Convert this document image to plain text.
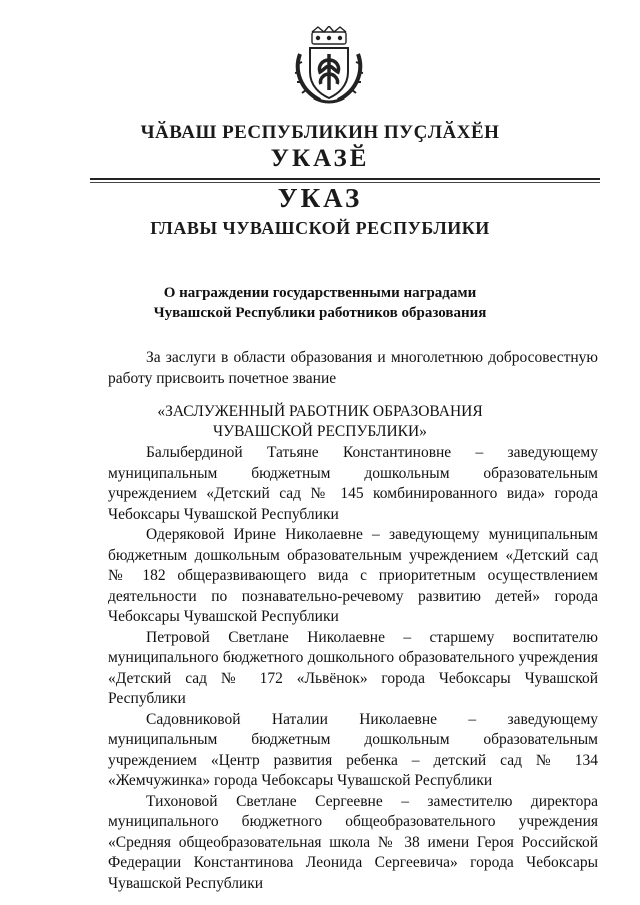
ЧӐВАШ РЕСПУБЛИКИН ПУҪЛӐХӖН
УКАЗӖ
УКАЗ
ГЛАВЫ ЧУВАШСКОЙ РЕСПУБЛИКИ
О награждении государственными наградами
Чувашской Республики работников образования

За заслуги в области образования и многолетнюю добросовестную работу присвоить почетное звание

«ЗАСЛУЖЕННЫЙ РАБОТНИК ОБРАЗОВАНИЯ
ЧУВАШСКОЙ РЕСПУБЛИКИ»

Балыбердиной Татьяне Константиновне – заведующему муниципальным бюджетным дошкольным образовательным учреждением «Детский сад № 145 комбинированного вида» города Чебоксары Чувашской Республики

Одеряковой Ирине Николаевне – заведующему муниципальным бюджетным дошкольным образовательным учреждением «Детский сад № 182 общеразвивающего вида с приоритетным осуществлением деятельности по познавательно-речевому развитию детей» города Чебоксары Чувашской Республики

Петровой Светлане Николаевне – старшему воспитателю муниципального бюджетного дошкольного образовательного учреждения «Детский сад № 172 «Львёнок» города Чебоксары Чувашской Республики

Садовниковой Наталии Николаевне – заведующему муниципальным бюджетным дошкольным образовательным учреждением «Центр развития ребенка – детский сад № 134 «Жемчужинка» города Чебоксары Чувашской Республики

Тихоновой Светлане Сергеевне – заместителю директора муниципального бюджетного общеобразовательного учреждения «Средняя общеобразовательная школа № 38 имени Героя Российской Федерации Константинова Леонида Сергеевича» города Чебоксары Чувашской Республики
